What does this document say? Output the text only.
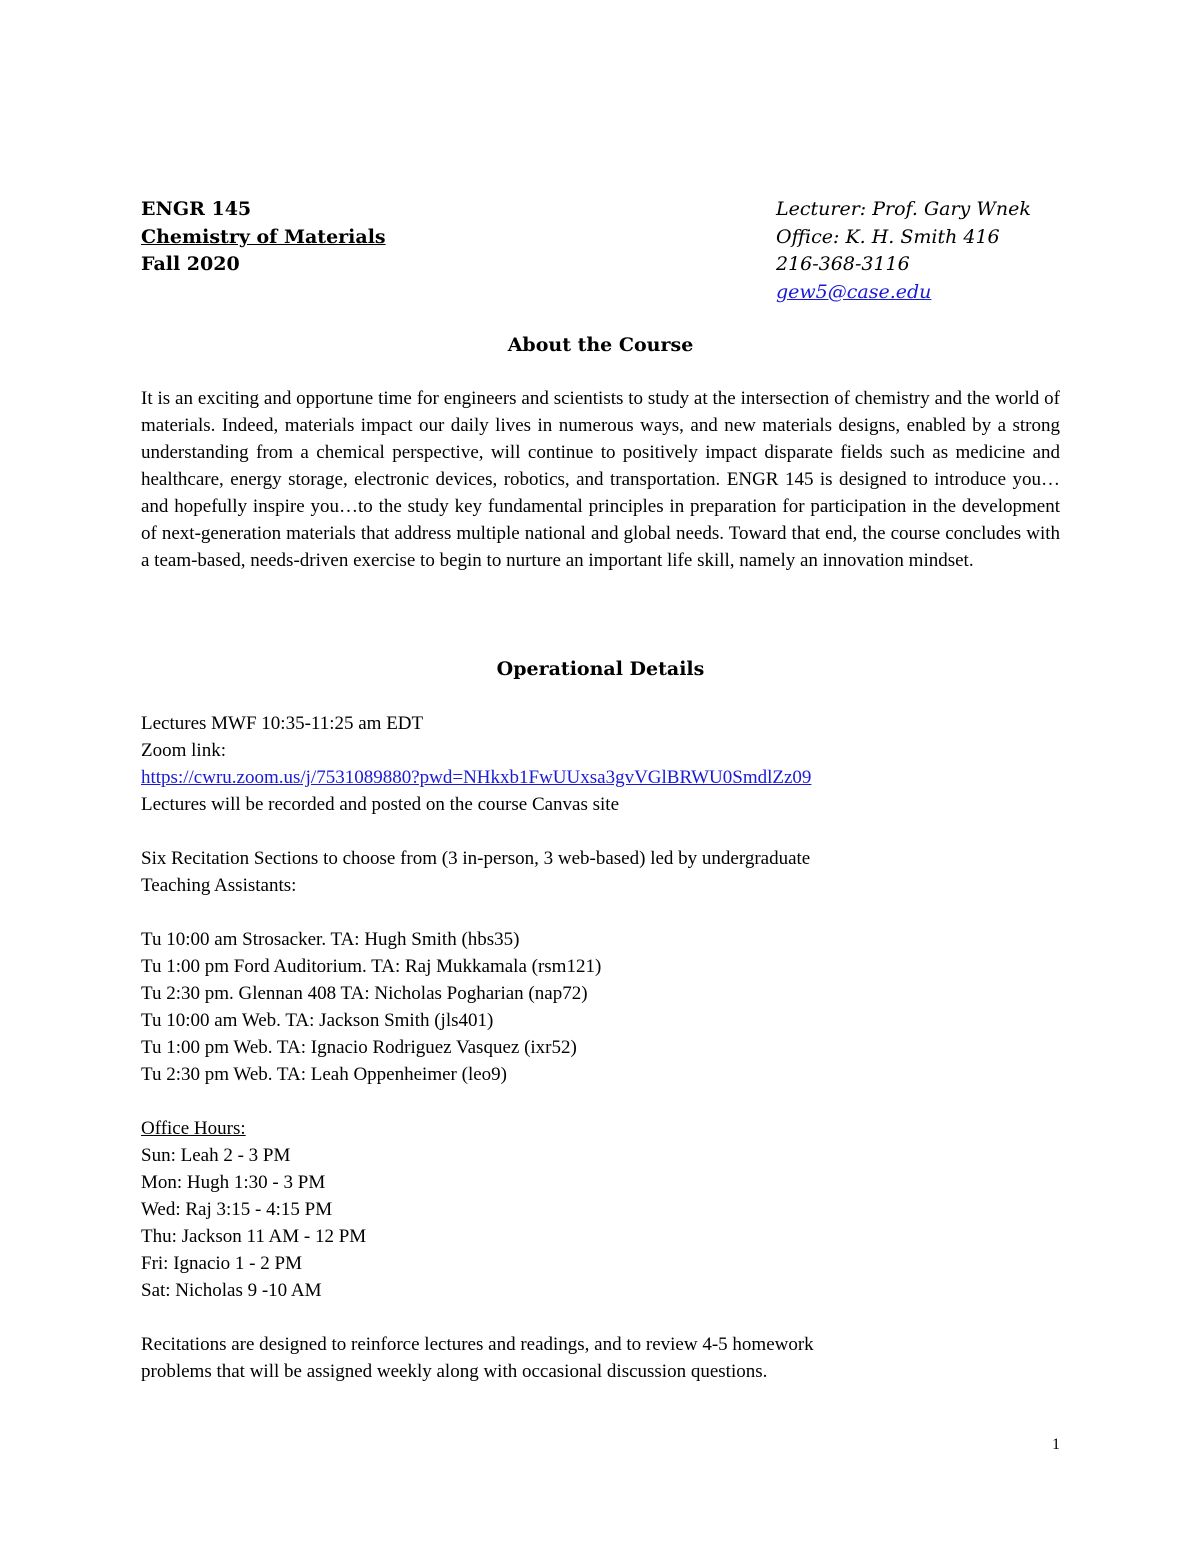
ENGR 145
Chemistry of Materials
Fall 2020
Lecturer: Prof. Gary Wnek
Office: K. H. Smith 416
216-368-3116
gew5@case.edu
About the Course
It is an exciting and opportune time for engineers and scientists to study at the intersection of chemistry and the world of materials. Indeed, materials impact our daily lives in numerous ways, and new materials designs, enabled by a strong understanding from a chemical perspective, will continue to positively impact disparate fields such as medicine and healthcare, energy storage, electronic devices, robotics, and transportation. ENGR 145 is designed to introduce you…and hopefully inspire you…to the study key fundamental principles in preparation for participation in the development of next-generation materials that address multiple national and global needs. Toward that end, the course concludes with a team-based, needs-driven exercise to begin to nurture an important life skill, namely an innovation mindset.
Operational Details
Lectures MWF 10:35-11:25 am EDT
Zoom link:
https://cwru.zoom.us/j/7531089880?pwd=NHkxb1FwUUxsa3gvVGlBRWU0SmdlZz09
Lectures will be recorded and posted on the course Canvas site
Six Recitation Sections to choose from (3 in-person, 3 web-based) led by undergraduate
Teaching Assistants:
Tu 10:00 am Strosacker. TA: Hugh Smith (hbs35)
Tu 1:00 pm Ford Auditorium. TA: Raj Mukkamala (rsm121)
Tu 2:30 pm. Glennan 408 TA: Nicholas Pogharian (nap72)
Tu 10:00 am Web. TA: Jackson Smith (jls401)
Tu 1:00 pm Web. TA: Ignacio Rodriguez Vasquez (ixr52)
Tu 2:30 pm Web. TA: Leah Oppenheimer (leo9)
Office Hours:
Sun: Leah 2 - 3 PM
Mon: Hugh 1:30 - 3 PM
Wed: Raj 3:15 - 4:15 PM
Thu: Jackson 11 AM - 12 PM
Fri: Ignacio 1 - 2 PM
Sat: Nicholas 9 -10 AM
Recitations are designed to reinforce lectures and readings, and to review 4-5 homework
problems that will be assigned weekly along with occasional discussion questions.
1
